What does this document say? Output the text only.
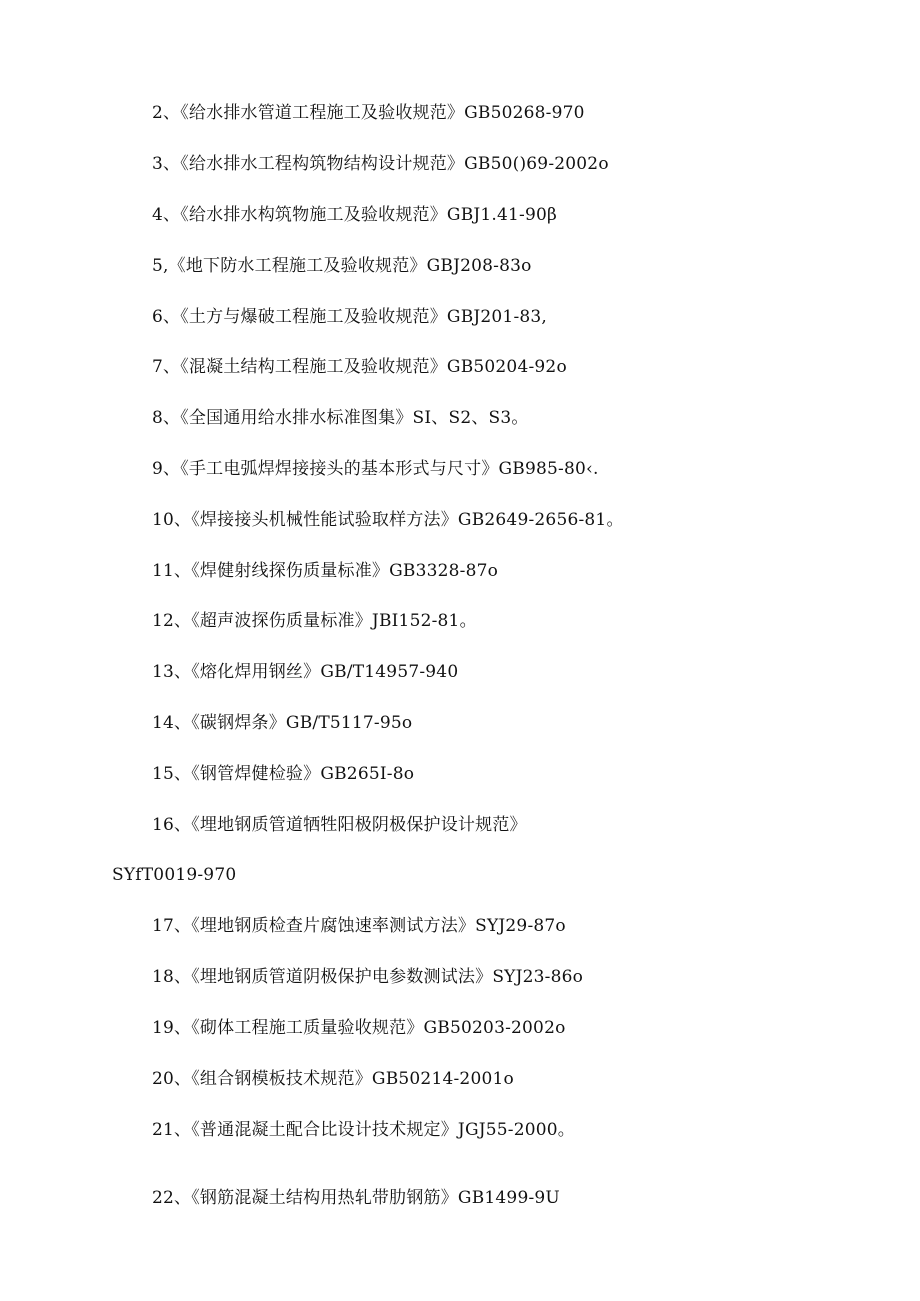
2、《给水排水管道工程施工及验收规范》GB50268-970
3、《给水排水工程构筑物结构设计规范》GB50()69-2002o
4、《给水排水构筑物施工及验收规范》GBJ1.41-90β
5,《地下防水工程施工及验收规范》GBJ208-83o
6、《土方与爆破工程施工及验收规范》GBJ201-83,
7、《混凝土结构工程施工及验收规范》GB50204-92o
8、《全国通用给水排水标准图集》SI、S2、S3。
9、《手工电弧焊焊接接头的基本形式与尺寸》GB985-80‹.
10、《焊接接头机械性能试验取样方法》GB2649-2656-81。
11、《焊健射线探伤质量标准》GB3328-87o
12、《超声波探伤质量标准》JBI152-81。
13、《熔化焊用钢丝》GB/T14957-940
14、《碳钢焊条》GB/T5117-95o
15、《钢管焊健检验》GB265I-8o
16、《埋地钢质管道牺牲阳极阴极保护设计规范》
SYfT0019-970
17、《埋地钢质检查片腐蚀速率测试方法》SYJ29-87o
18、《埋地钢质管道阴极保护电参数测试法》SYJ23-86o
19、《砌体工程施工质量验收规范》GB50203-2002o
20、《组合钢模板技术规范》GB50214-2001o
21、《普通混凝土配合比设计技术规定》JGJ55-2000。
22、《钢筋混凝土结构用热轧带肋钢筋》GB1499-9U
